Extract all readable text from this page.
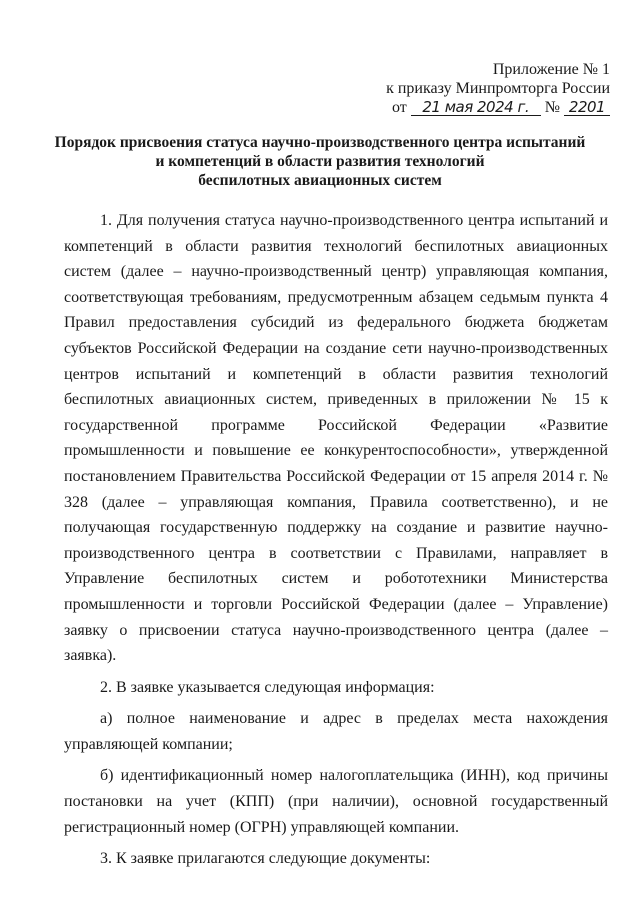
Приложение № 1
к приказу Минпромторга России
от 21 мая 2024 г. № 2201
Порядок присвоения статуса научно-производственного центра испытаний
и компетенций в области развития технологий
беспилотных авиационных систем

1. Для получения статуса научно-производственного центра испытаний и компетенций в области развития технологий беспилотных авиационных систем (далее – научно-производственный центр) управляющая компания, соответствующая требованиям, предусмотренным абзацем седьмым пункта 4 Правил предоставления субсидий из федерального бюджета бюджетам субъектов Российской Федерации на создание сети научно-производственных центров испытаний и компетенций в области развития технологий беспилотных авиационных систем, приведенных в приложении № 15 к государственной программе Российской Федерации «Развитие промышленности и повышение ее конкурентоспособности», утвержденной постановлением Правительства Российской Федерации от 15 апреля 2014 г. № 328 (далее – управляющая компания, Правила соответственно), и не получающая государственную поддержку на создание и развитие научно-производственного центра в соответствии с Правилами, направляет в Управление беспилотных систем и робототехники Министерства промышленности и торговли Российской Федерации (далее – Управление) заявку о присвоении статуса научно-производственного центра (далее – заявка).

2. В заявке указывается следующая информация:

а) полное наименование и адрес в пределах места нахождения управляющей компании;

б) идентификационный номер налогоплательщика (ИНН), код причины постановки на учет (КПП) (при наличии), основной государственный регистрационный номер (ОГРН) управляющей компании.

3. К заявке прилагаются следующие документы:
